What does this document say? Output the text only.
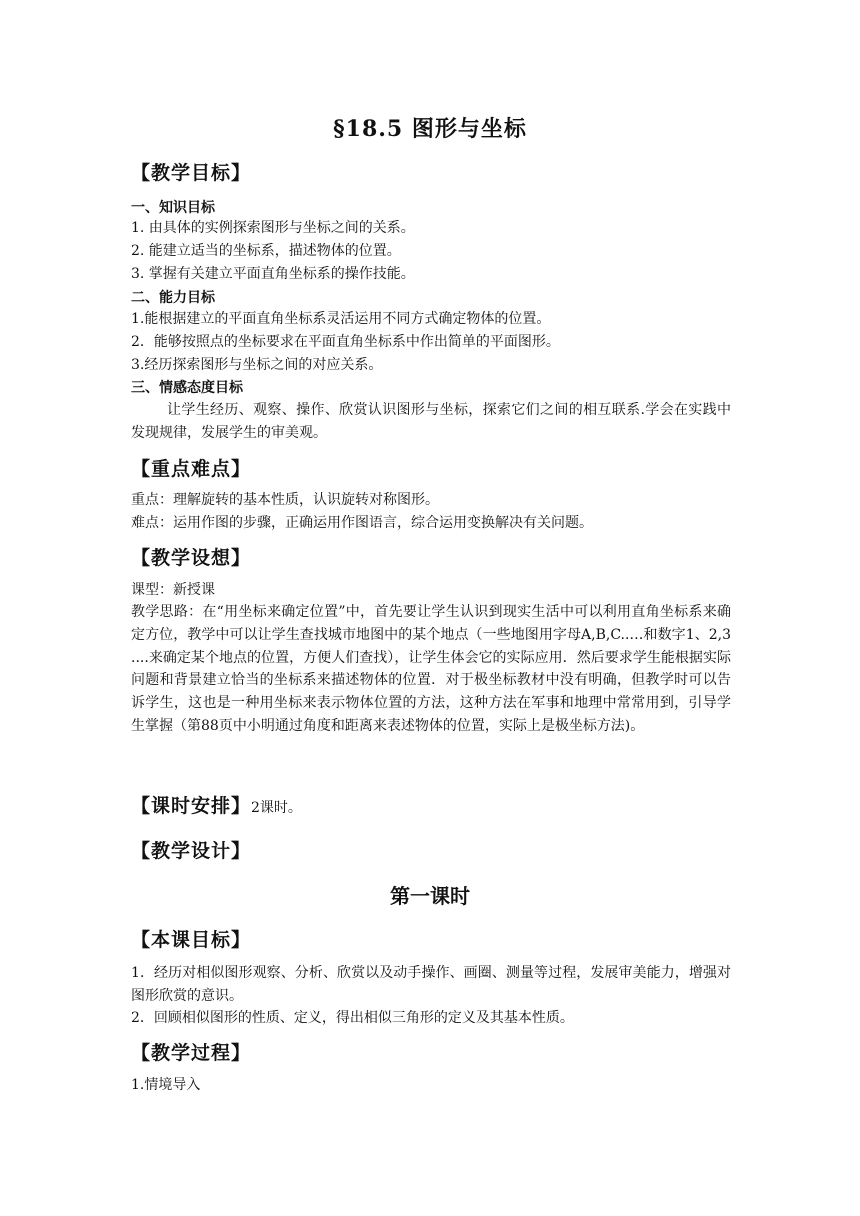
§18.5 图形与坐标
【教学目标】
一、知识目标
1. 由具体的实例探索图形与坐标之间的关系。
2. 能建立适当的坐标系，描述物体的位置。
3. 掌握有关建立平面直角坐标系的操作技能。
二、能力目标
1.能根据建立的平面直角坐标系灵活运用不同方式确定物体的位置。
2．能够按照点的坐标要求在平面直角坐标系中作出简单的平面图形。
3.经历探索图形与坐标之间的对应关系。
三、情感态度目标
让学生经历、观察、操作、欣赏认识图形与坐标，探索它们之间的相互联系.学会在实践中发现规律，发展学生的审美观。
【重点难点】
重点：理解旋转的基本性质，认识旋转对称图形。
难点：运用作图的步骤，正确运用作图语言，综合运用变换解决有关问题。
【教学设想】
课型：新授课
教学思路：在“用坐标来确定位置”中，首先要让学生认识到现实生活中可以利用直角坐标系来确定方位，教学中可以让学生查找城市地图中的某个地点（一些地图用字母A,B,C..…和数字1、2,3 ....来确定某个地点的位置，方便人们查找），让学生体会它的实际应用．然后要求学生能根据实际问题和背景建立恰当的坐标系来描述物体的位置．对于极坐标教材中没有明确，但教学时可以告诉学生，这也是一种用坐标来表示物体位置的方法，这种方法在军事和地理中常常用到，引导学生掌握（第88页中小明通过角度和距离来表述物体的位置，实际上是极坐标方法)。
【课时安排】2课时。
【教学设计】
第一课时
【本课目标】
1．经历对相似图形观察、分析、欣赏以及动手操作、画圈、测量等过程，发展审美能力，增强对图形欣赏的意识。
2．回顾相似图形的性质、定义，得出相似三角形的定义及其基本性质。
【教学过程】
1.情境导入
